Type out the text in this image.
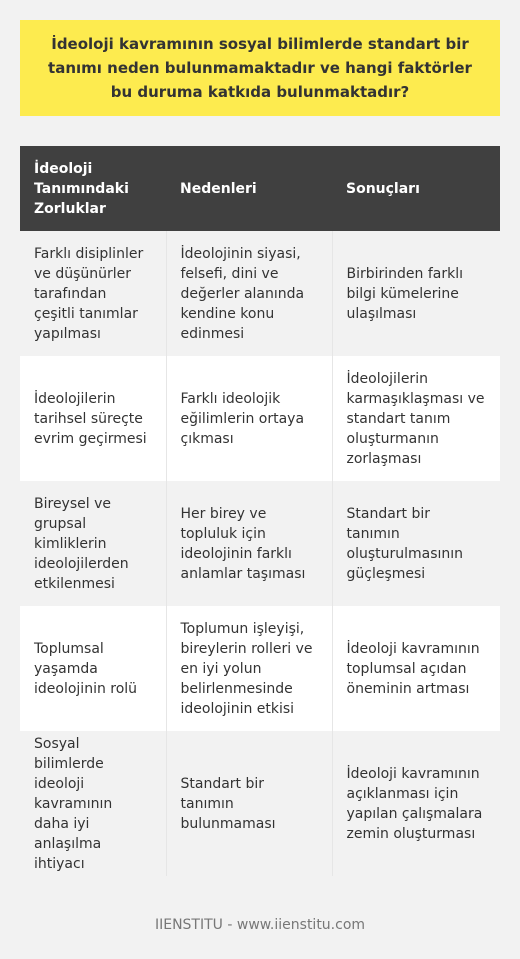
İdeoloji kavramının sosyal bilimlerde standart bir tanımı neden bulunmamaktadır ve hangi faktörler bu duruma katkıda bulunmaktadır?
İdeoloji Tanımındaki Zorluklar	Nedenleri	Sonuçları
Farklı disiplinler ve düşünürler tarafından çeşitli tanımlar yapılması	İdeolojinin siyasi, felsefi, dini ve değerler alanında kendine konu edinmesi	Birbirinden farklı bilgi kümelerine ulaşılması
İdeolojilerin tarihsel süreçte evrim geçirmesi	Farklı ideolojik eğilimlerin ortaya çıkması	İdeolojilerin karmaşıklaşması ve standart tanım oluşturmanın zorlaşması
Bireysel ve grupsal kimliklerin ideolojilerden etkilenmesi	Her birey ve topluluk için ideolojinin farklı anlamlar taşıması	Standart bir tanımın oluşturulmasının güçleşmesi
Toplumsal yaşamda ideolojinin rolü	Toplumun işleyişi, bireylerin rolleri ve en iyi yolun belirlenmesinde ideolojinin etkisi	İdeoloji kavramının toplumsal açıdan öneminin artması
Sosyal bilimlerde ideoloji kavramının daha iyi anlaşılma ihtiyacı	Standart bir tanımın bulunmaması	İdeoloji kavramının açıklanması için yapılan çalışmalara zemin oluşturması
IIENSTITU - www.iienstitu.com
